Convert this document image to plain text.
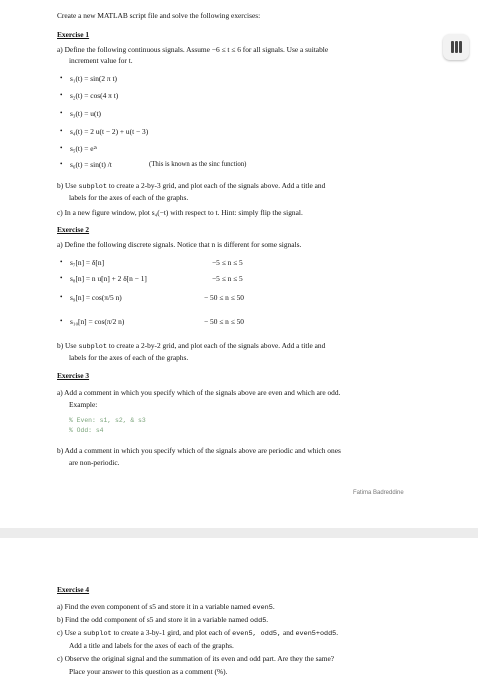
Create a new MATLAB script file and solve the following exercises:
Exercise 1
a) Define the following continuous signals. Assume −6 ≤ t ≤ 6 for all signals. Use a suitable
increment value for t.
• s₁(t) = sin(2 π t)
• s₂(t) = cos(4 π t)
• s₃(t) = u(t)
• s₄(t) = 2 u(t − 2) + u(t − 3)
• s₅(t) = e²ᵗ
• s₆(t) = sin(t) /t	(This is known as the sinc function)
b) Use subplot to create a 2-by-3 grid, and plot each of the signals above. Add a title and
labels for the axes of each of the graphs.
c) In a new figure window, plot s₄(−t) with respect to t. Hint: simply flip the signal.
Exercise 2
a) Define the following discrete signals. Notice that n is different for some signals.
• s₇[n] = δ[n]	−5 ≤ n ≤ 5
• s₈[n] = n u[n] + 2 δ[n − 1]	−5 ≤ n ≤ 5
• s₉[n] = cos(π/5 n)	− 50 ≤ n ≤ 50
• s₁₀[n] = cos(π/2 n)	− 50 ≤ n ≤ 50
b) Use subplot to create a 2-by-2 grid, and plot each of the signals above. Add a title and
labels for the axes of each of the graphs.
Exercise 3
a) Add a comment in which you specify which of the signals above are even and which are odd.
Example:
% Even: s1, s2, & s3
% Odd: s4
b) Add a comment in which you specify which of the signals above are periodic and which ones
are non-periodic.
Fatima Badreddine
Exercise 4
a) Find the even component of s5 and store it in a variable named even5.
b) Find the odd component of s5 and store it in a variable named odd5.
c) Use a subplot to create a 3-by-1 gird, and plot each of even5, odd5, and even5+odd5.
Add a title and labels for the axes of each of the graphs.
c) Observe the original signal and the summation of its even and odd part. Are they the same?
Place your answer to this question as a comment (%).
